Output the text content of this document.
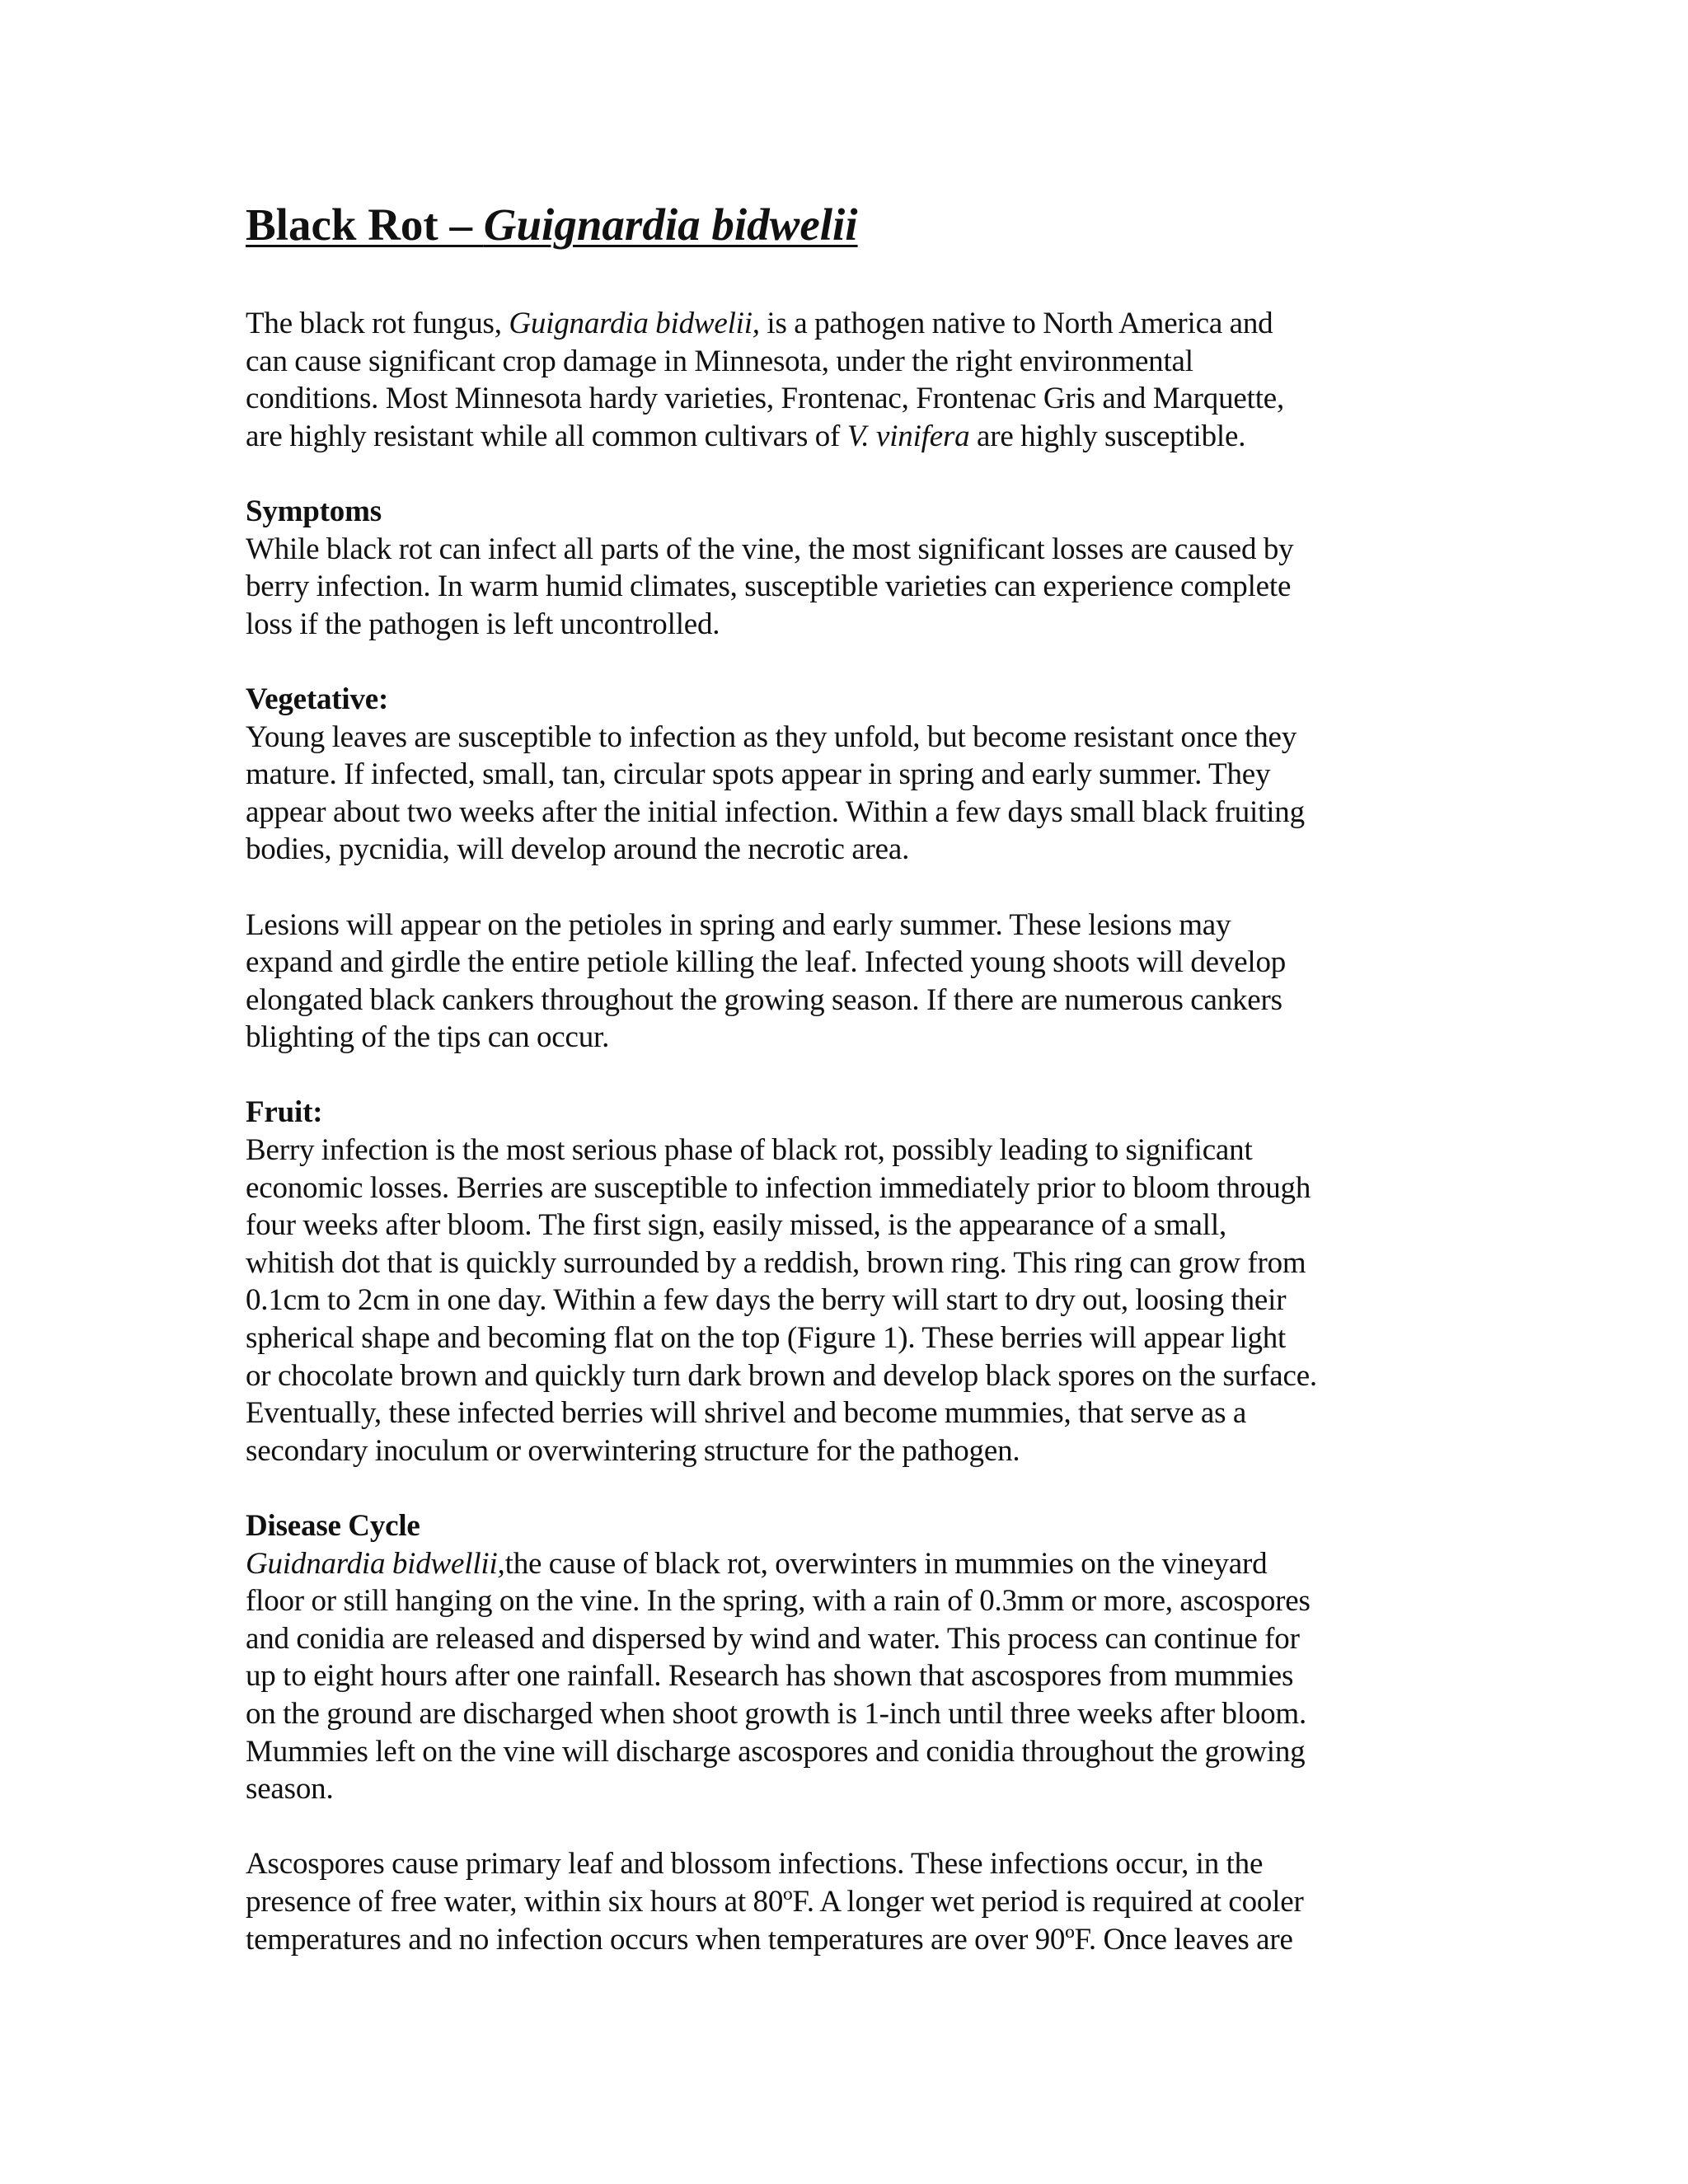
Black Rot – Guignardia bidwelii

The black rot fungus, Guignardia bidwelii, is a pathogen native to North America and
can cause significant crop damage in Minnesota, under the right environmental
conditions. Most Minnesota hardy varieties, Frontenac, Frontenac Gris and Marquette,
are highly resistant while all common cultivars of V. vinifera are highly susceptible.
Symptoms
While black rot can infect all parts of the vine, the most significant losses are caused by
berry infection. In warm humid climates, susceptible varieties can experience complete
loss if the pathogen is left uncontrolled.
Vegetative:
Young leaves are susceptible to infection as they unfold, but become resistant once they
mature. If infected, small, tan, circular spots appear in spring and early summer. They
appear about two weeks after the initial infection. Within a few days small black fruiting
bodies, pycnidia, will develop around the necrotic area.
Lesions will appear on the petioles in spring and early summer. These lesions may
expand and girdle the entire petiole killing the leaf. Infected young shoots will develop
elongated black cankers throughout the growing season. If there are numerous cankers
blighting of the tips can occur.
Fruit:
Berry infection is the most serious phase of black rot, possibly leading to significant
economic losses. Berries are susceptible to infection immediately prior to bloom through
four weeks after bloom. The first sign, easily missed, is the appearance of a small,
whitish dot that is quickly surrounded by a reddish, brown ring. This ring can grow from
0.1cm to 2cm in one day. Within a few days the berry will start to dry out, loosing their
spherical shape and becoming flat on the top (Figure 1). These berries will appear light
or chocolate brown and quickly turn dark brown and develop black spores on the surface.
Eventually, these infected berries will shrivel and become mummies, that serve as a
secondary inoculum or overwintering structure for the pathogen.
Disease Cycle
Guidnardia bidwellii,the cause of black rot, overwinters in mummies on the vineyard
floor or still hanging on the vine. In the spring, with a rain of 0.3mm or more, ascospores
and conidia are released and dispersed by wind and water. This process can continue for
up to eight hours after one rainfall. Research has shown that ascospores from mummies
on the ground are discharged when shoot growth is 1-inch until three weeks after bloom.
Mummies left on the vine will discharge ascospores and conidia throughout the growing
season.
Ascospores cause primary leaf and blossom infections. These infections occur, in the
presence of free water, within six hours at 80ºF. A longer wet period is required at cooler
temperatures and no infection occurs when temperatures are over 90ºF. Once leaves are
